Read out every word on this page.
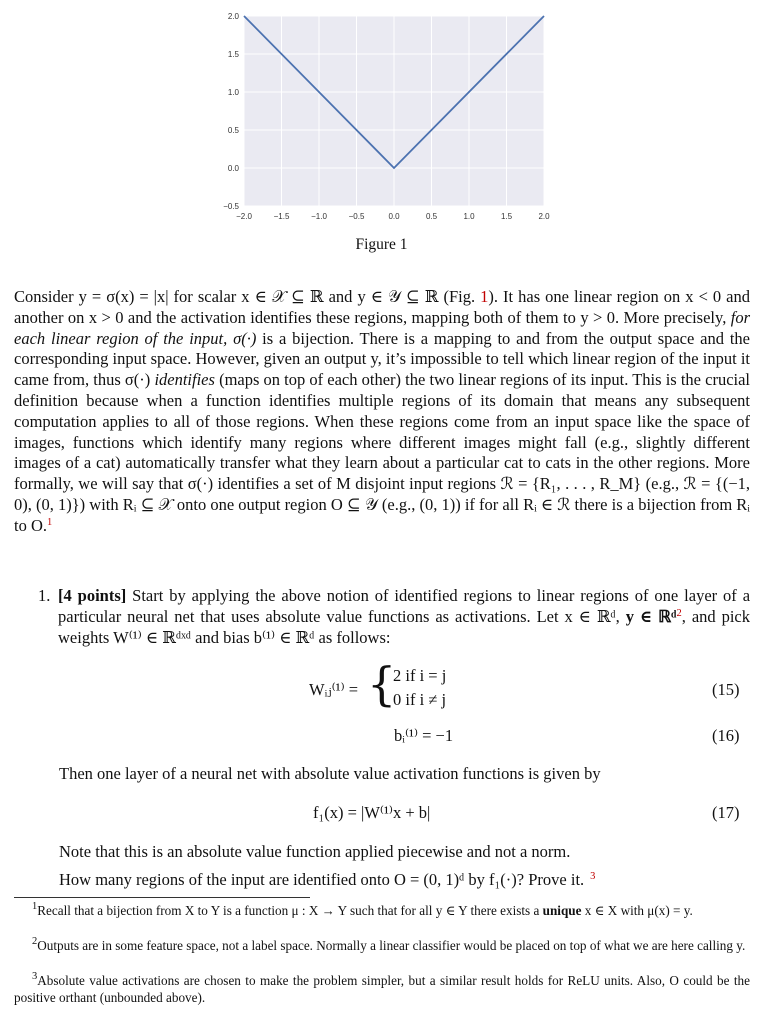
−2.0	−1.5	−1.0	−0.5	0.0	0.5	1.0	1.5	2.0
2.0
1.5
1.0
0.5
0.0
−0.5
Figure 1
Consider y = σ(x) = |x| for scalar x ∈ 𝒳 ⊆ ℝ and y ∈ 𝒴 ⊆ ℝ (Fig. 1). It has one linear region on x < 0 and another on x > 0 and the activation identifies these regions, mapping both of them to y > 0. More precisely, for each linear region of the input, σ(·) is a bijection. There is a mapping to and from the output space and the corresponding input space. However, given an output y, it’s impossible to tell which linear region of the input it came from, thus σ(·) identifies (maps on top of each other) the two linear regions of its input. This is the crucial definition because when a function identifies multiple regions of its domain that means any subsequent computation applies to all of those regions. When these regions come from an input space like the space of images, functions which identify many regions where different images might fall (e.g., slightly different images of a cat) automatically transfer what they learn about a particular cat to cats in the other regions. More formally, we will say that σ(·) identifies a set of M disjoint input regions ℛ = {R₁, . . . , R_M} (e.g., ℛ = {(−1, 0), (0, 1)}) with Rᵢ ⊆ 𝒳 onto one output region O ⊆ 𝒴 (e.g., (0, 1)) if for all Rᵢ ∈ ℛ there is a bijection from Rᵢ to O.$^1$
1. [4 points] Start by applying the above notion of identified regions to linear regions of one layer of a particular neural net that uses absolute value functions as activations. Let x ∈ ℝᵈ, y ∈ ℝᵈ$^2$, and pick weights W⁽¹⁾ ∈ ℝᵈˣᵈ and bias b⁽¹⁾ ∈ ℝᵈ as follows:
Wᵢⱼ⁽¹⁾ = {
2 if i = j
0 if i ≠ j
(15)
bᵢ⁽¹⁾ = −1	(16)
Then one layer of a neural net with absolute value activation functions is given by
f₁(x) = |W⁽¹⁾x + b|	(17)
Note that this is an absolute value function applied piecewise and not a norm.
How many regions of the input are identified onto O = (0, 1)ᵈ by f₁(·)? Prove it. $^3$
$^1$Recall that a bijection from X to Y is a function μ : X → Y such that for all y ∈ Y there exists a unique x ∈ X with μ(x) = y.
$^2$Outputs are in some feature space, not a label space. Normally a linear classifier would be placed on top of what we are here calling y.
$^3$Absolute value activations are chosen to make the problem simpler, but a similar result holds for ReLU units. Also, O could be the positive orthant (unbounded above).
